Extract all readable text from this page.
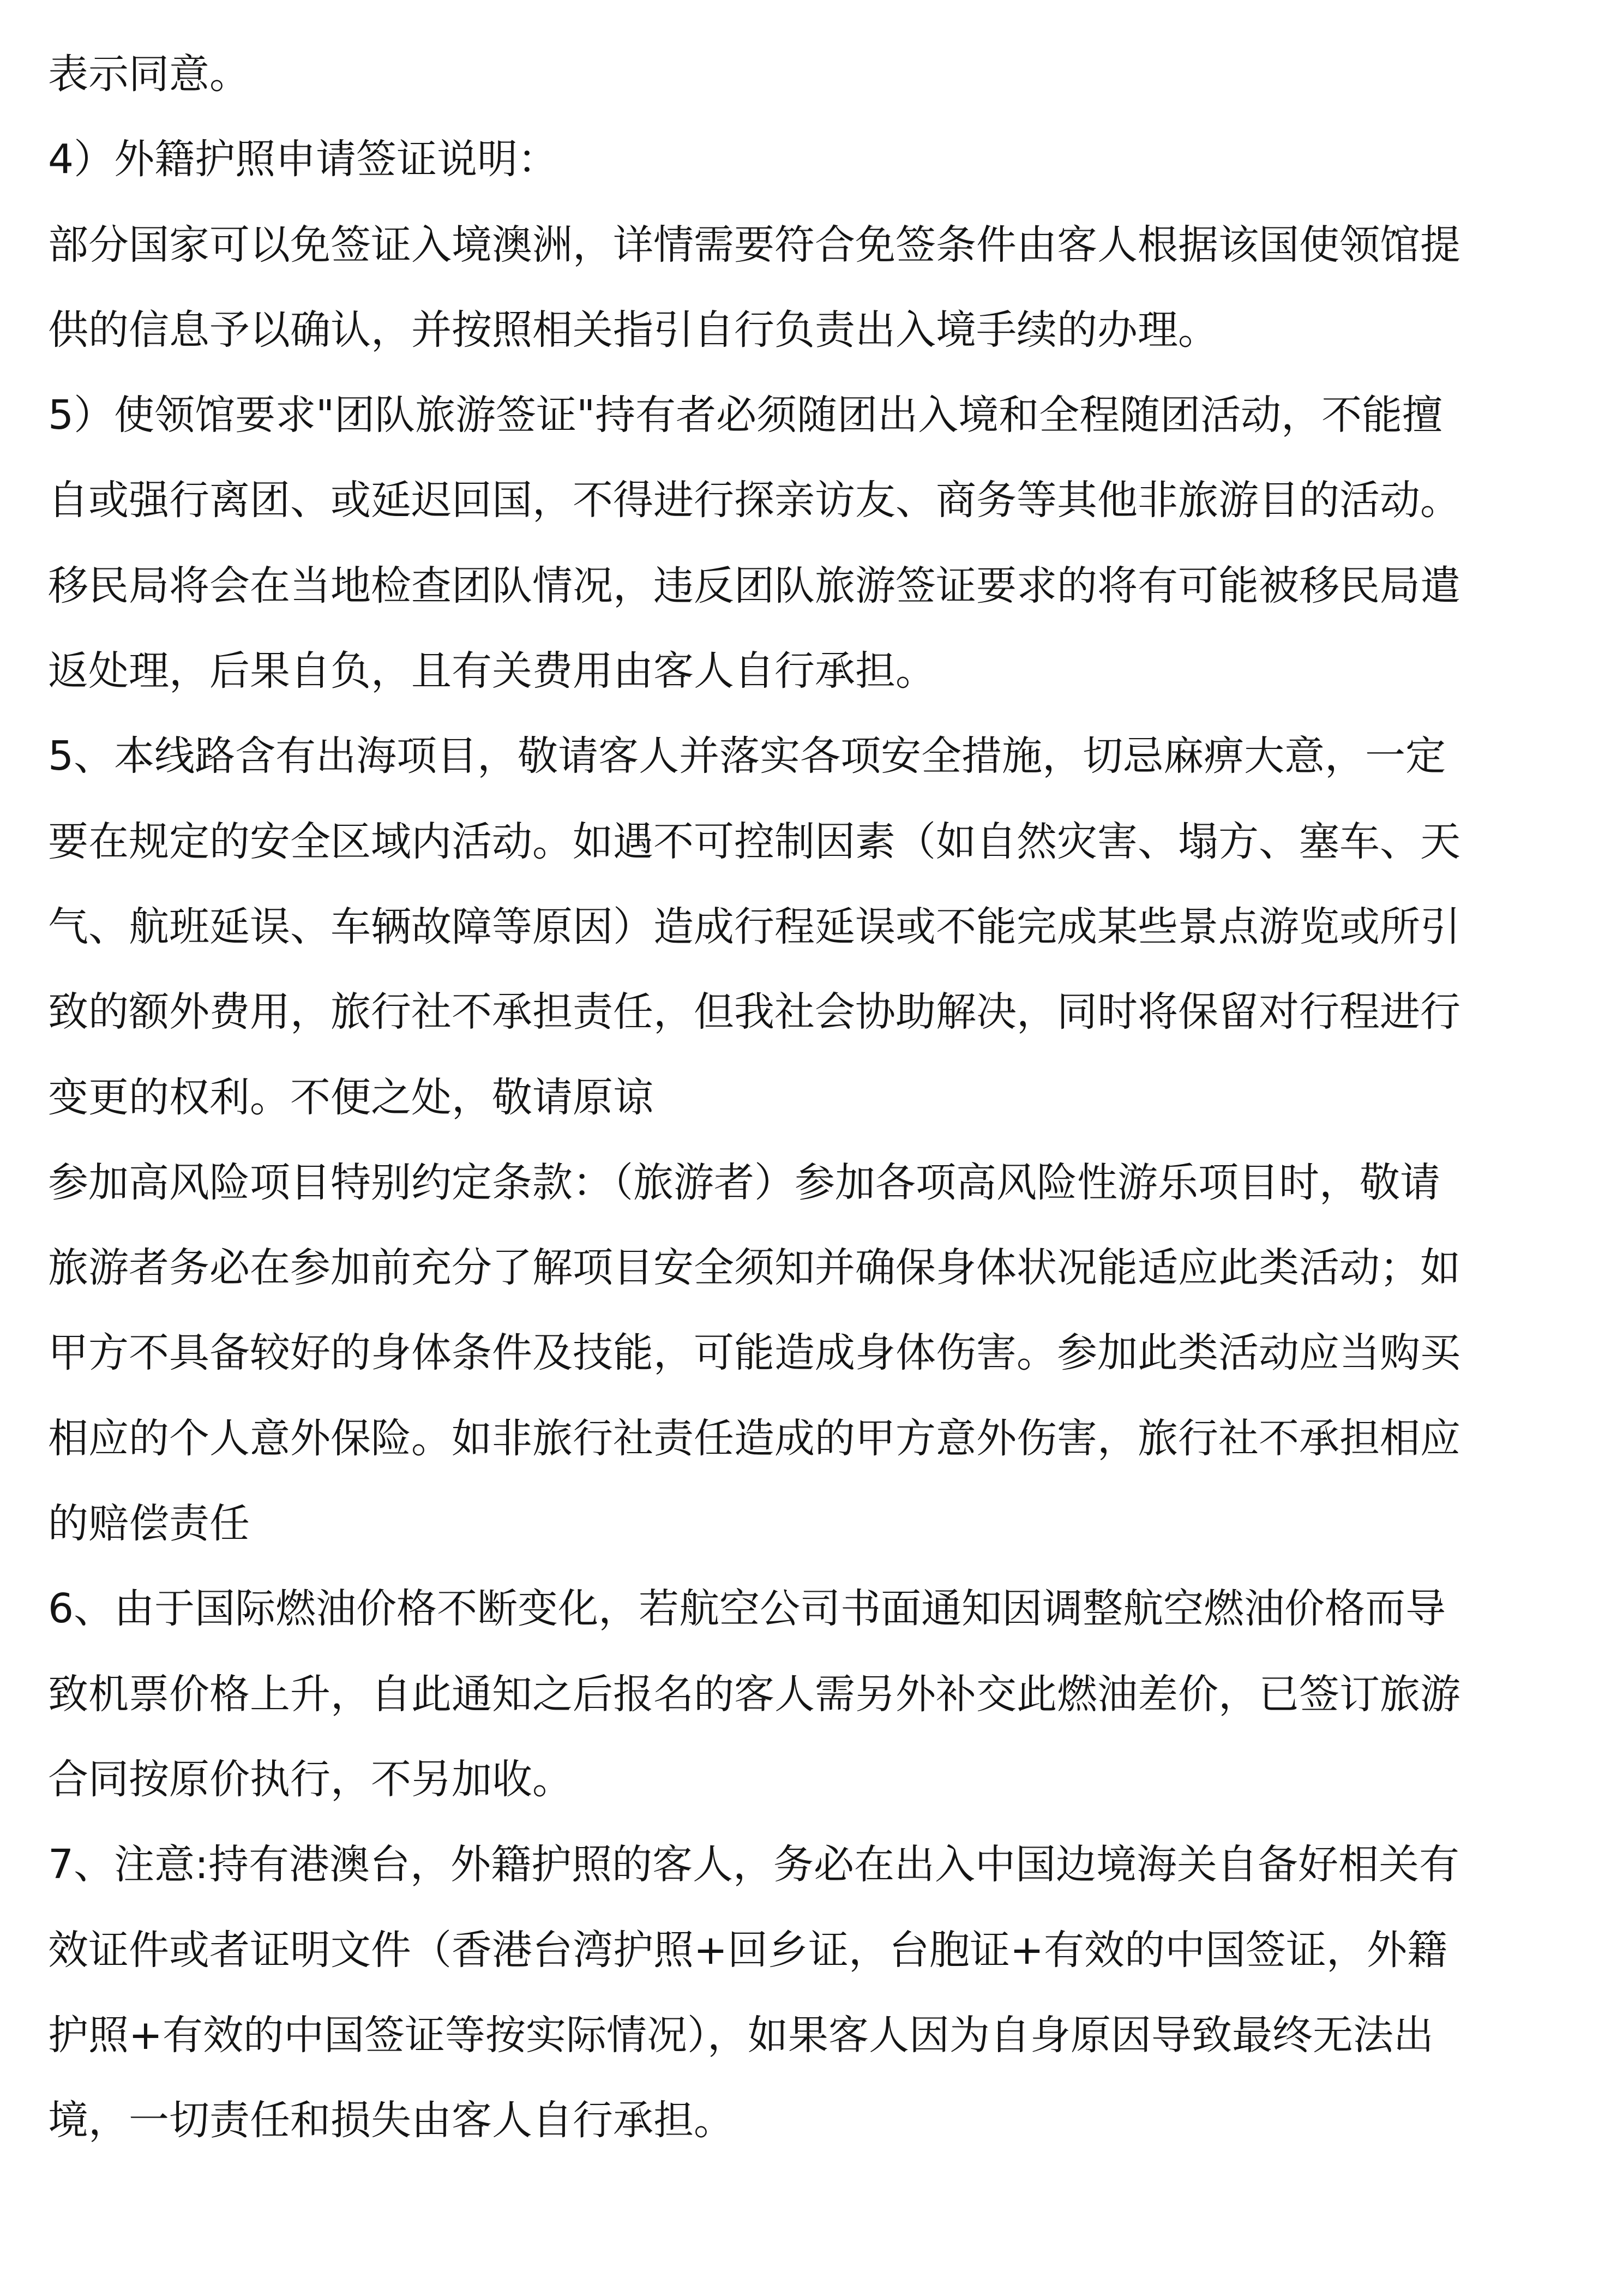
表示同意。
4）外籍护照申请签证说明：
部分国家可以免签证入境澳洲，详情需要符合免签条件由客人根据该国使领馆提
供的信息予以确认，并按照相关指引自行负责出入境手续的办理。
5）使领馆要求"团队旅游签证"持有者必须随团出入境和全程随团活动，不能擅
自或强行离团、或延迟回国，不得进行探亲访友、商务等其他非旅游目的活动。
移民局将会在当地检查团队情况，违反团队旅游签证要求的将有可能被移民局遣
返处理，后果自负，且有关费用由客人自行承担。
5、本线路含有出海项目，敬请客人并落实各项安全措施，切忌麻痹大意，一定
要在规定的安全区域内活动。如遇不可控制因素（如自然灾害、塌方、塞车、天
气、航班延误、车辆故障等原因）造成行程延误或不能完成某些景点游览或所引
致的额外费用，旅行社不承担责任，但我社会协助解决，同时将保留对行程进行
变更的权利。不便之处，敬请原谅
参加高风险项目特别约定条款：（旅游者）参加各项高风险性游乐项目时，敬请
旅游者务必在参加前充分了解项目安全须知并确保身体状况能适应此类活动；如
甲方不具备较好的身体条件及技能，可能造成身体伤害。参加此类活动应当购买
相应的个人意外保险。如非旅行社责任造成的甲方意外伤害，旅行社不承担相应
的赔偿责任
6、由于国际燃油价格不断变化，若航空公司书面通知因调整航空燃油价格而导
致机票价格上升，自此通知之后报名的客人需另外补交此燃油差价，已签订旅游
合同按原价执行，不另加收。
7、注意:持有港澳台，外籍护照的客人，务必在出入中国边境海关自备好相关有
效证件或者证明文件（香港台湾护照+回乡证，台胞证+有效的中国签证，外籍
护照+有效的中国签证等按实际情况），如果客人因为自身原因导致最终无法出
境，一切责任和损失由客人自行承担。
